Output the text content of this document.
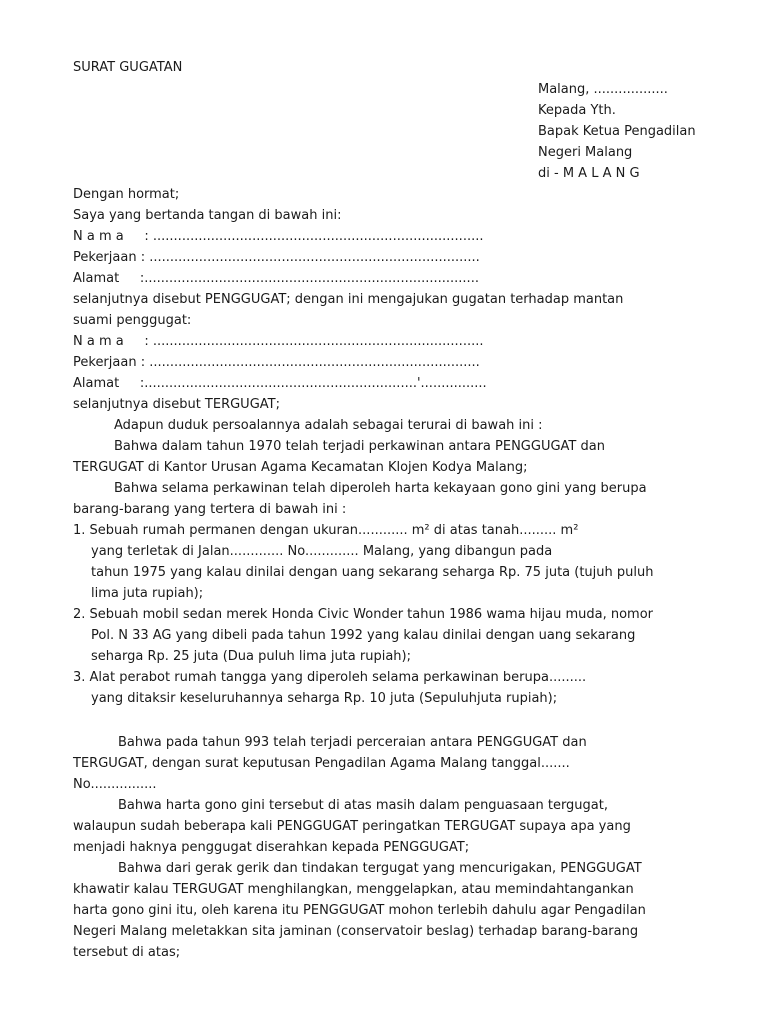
SURAT GUGATAN
Malang, ..................
Kepada Yth.
Bapak Ketua Pengadilan
Negeri Malang
di - M A L A N G
Dengan hormat;
Saya yang bertanda tangan di bawah ini:
N a m a     : ................................................................................
Pekerjaan : ................................................................................
Alamat     :.................................................................................
selanjutnya disebut PENGGUGAT; dengan ini mengajukan gugatan terhadap mantan
suami penggugat:
N a m a     : ................................................................................
Pekerjaan : ................................................................................
Alamat     :..................................................................'................
selanjutnya disebut TERGUGAT;
Adapun duduk persoalannya adalah sebagai terurai di bawah ini :
Bahwa dalam tahun 1970 telah terjadi perkawinan antara PENGGUGAT dan
TERGUGAT di Kantor Urusan Agama Kecamatan Klojen Kodya Malang;
Bahwa selama perkawinan telah diperoleh harta kekayaan gono gini yang berupa
barang-barang yang tertera di bawah ini :
1. Sebuah rumah permanen dengan ukuran............ m² di atas tanah......... m²
yang terletak di Jalan............. No............. Malang, yang dibangun pada
tahun 1975 yang kalau dinilai dengan uang sekarang seharga Rp. 75 juta (tujuh puluh
lima juta rupiah);
2. Sebuah mobil sedan merek Honda Civic Wonder tahun 1986 wama hijau muda, nomor
Pol. N 33 AG yang dibeli pada tahun 1992 yang kalau dinilai dengan uang sekarang
seharga Rp. 25 juta (Dua puluh lima juta rupiah);
3. Alat perabot rumah tangga yang diperoleh selama perkawinan berupa.........
yang ditaksir keseluruhannya seharga Rp. 10 juta (Sepuluhjuta rupiah);
Bahwa pada tahun 993 telah terjadi perceraian antara PENGGUGAT dan
TERGUGAT, dengan surat keputusan Pengadilan Agama Malang tanggal.......
No................
Bahwa harta gono gini tersebut di atas masih dalam penguasaan tergugat,
walaupun sudah beberapa kali PENGGUGAT peringatkan TERGUGAT supaya apa yang
menjadi haknya penggugat diserahkan kepada PENGGUGAT;
Bahwa dari gerak gerik dan tindakan tergugat yang mencurigakan, PENGGUGAT
khawatir kalau TERGUGAT menghilangkan, menggelapkan, atau memindahtangankan
harta gono gini itu, oleh karena itu PENGGUGAT mohon terlebih dahulu agar Pengadilan
Negeri Malang meletakkan sita jaminan (conservatoir beslag) terhadap barang-barang
tersebut di atas;
